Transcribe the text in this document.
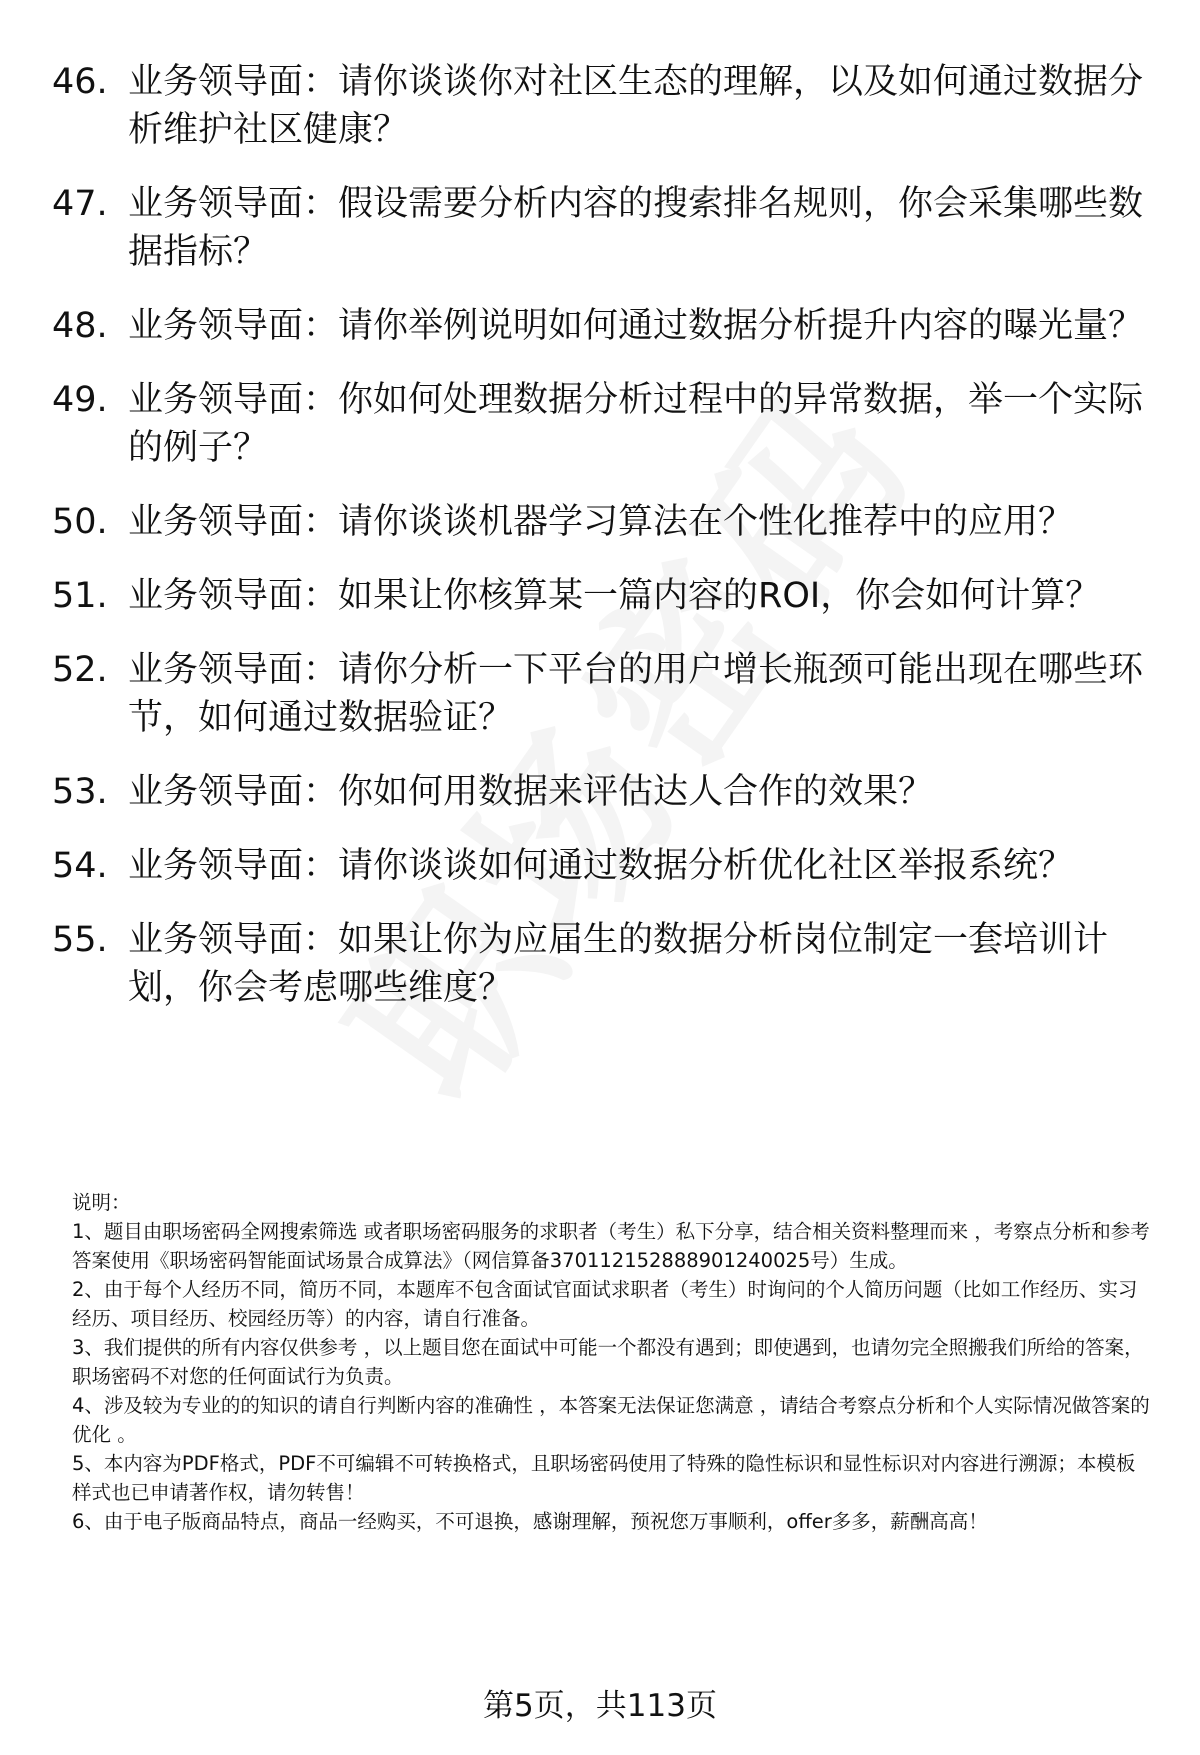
46. 业务领导面：请你谈谈你对社区生态的理解，以及如何通过数据分析维护社区健康？
47. 业务领导面：假设需要分析内容的搜索排名规则，你会采集哪些数据指标？
48. 业务领导面：请你举例说明如何通过数据分析提升内容的曝光量？
49. 业务领导面：你如何处理数据分析过程中的异常数据，举一个实际的例子？
50. 业务领导面：请你谈谈机器学习算法在个性化推荐中的应用？
51. 业务领导面：如果让你核算某一篇内容的ROI，你会如何计算？
52. 业务领导面：请你分析一下平台的用户增长瓶颈可能出现在哪些环节，如何通过数据验证？
53. 业务领导面：你如何用数据来评估达人合作的效果？
54. 业务领导面：请你谈谈如何通过数据分析优化社区举报系统？
55. 业务领导面：如果让你为应届生的数据分析岗位制定一套培训计划，你会考虑哪些维度？

说明：

1、题目由职场密码全网搜索筛选 或者职场密码服务的求职者（考生）私下分享，结合相关资料整理而来 ，考察点分析和参考答案使用《职场密码智能面试场景合成算法》（网信算备370112152888901240025号）生成。

2、由于每个人经历不同，简历不同，本题库不包含面试官面试求职者（考生）时询问的个人简历问题（比如工作经历、实习经历、项目经历、校园经历等）的内容，请自行准备。

3、我们提供的所有内容仅供参考 ，以上题目您在面试中可能一个都没有遇到；即使遇到，也请勿完全照搬我们所给的答案，职场密码不对您的任何面试行为负责。

4、涉及较为专业的的知识的请自行判断内容的准确性 ，本答案无法保证您满意 ，请结合考察点分析和个人实际情况做答案的优化 。

5、本内容为PDF格式，PDF不可编辑不可转换格式，且职场密码使用了特殊的隐性标识和显性标识对内容进行溯源；本模板样式也已申请著作权，请勿转售！

6、由于电子版商品特点，商品一经购买，不可退换，感谢理解，预祝您万事顺利，offer多多，薪酬高高！

第5页，共113页
